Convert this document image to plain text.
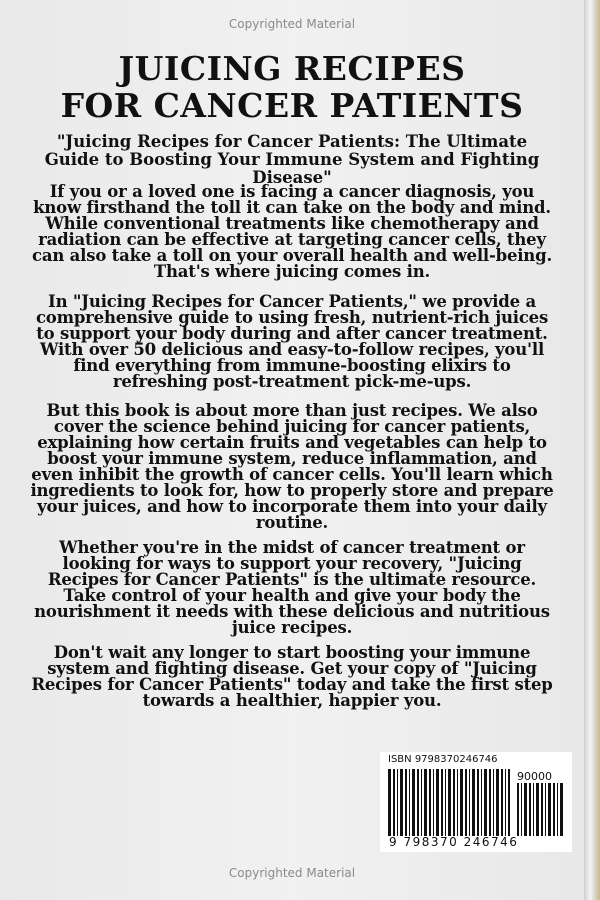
Copyrighted Material
JUICING RECIPES
FOR CANCER PATIENTS

"Juicing Recipes for Cancer Patients: The Ultimate Guide to Boosting Your Immune System and Fighting Disease"

If you or a loved one is facing a cancer diagnosis, you know firsthand the toll it can take on the body and mind. While conventional treatments like chemotherapy and radiation can be effective at targeting cancer cells, they can also take a toll on your overall health and well-being. That's where juicing comes in.

In "Juicing Recipes for Cancer Patients," we provide a comprehensive guide to using fresh, nutrient-rich juices to support your body during and after cancer treatment. With over 50 delicious and easy-to-follow recipes, you'll find everything from immune-boosting elixirs to refreshing post-treatment pick-me-ups.

But this book is about more than just recipes. We also cover the science behind juicing for cancer patients, explaining how certain fruits and vegetables can help to boost your immune system, reduce inflammation, and even inhibit the growth of cancer cells. You'll learn which ingredients to look for, how to properly store and prepare your juices, and how to incorporate them into your daily routine.

Whether you're in the midst of cancer treatment or looking for ways to support your recovery, "Juicing Recipes for Cancer Patients" is the ultimate resource. Take control of your health and give your body the nourishment it needs with these delicious and nutritious juice recipes.

Don't wait any longer to start boosting your immune system and fighting disease. Get your copy of "Juicing Recipes for Cancer Patients" today and take the first step towards a healthier, happier you.

ISBN 9798370246746
90000
9 798370 246746
Copyrighted Material
